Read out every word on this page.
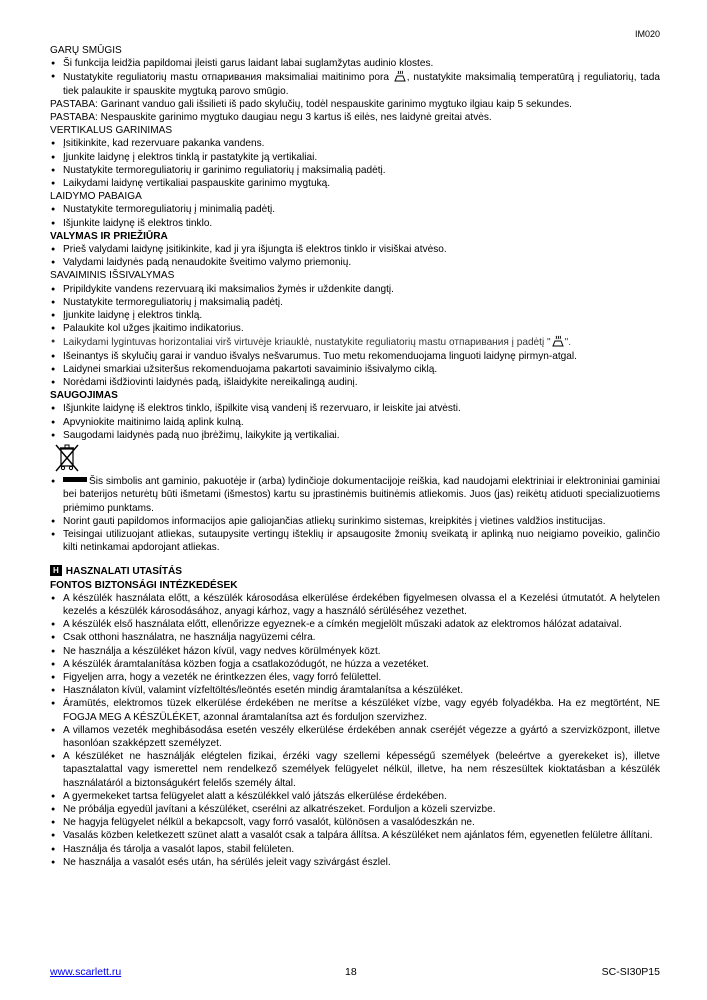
IM020
GARŲ SMŪGIS
● Ši funkcija leidžia papildomai įleisti garus laidant labai suglamžytas audinio klostes.
● Nustatykite reguliatorių mastu отпаривания maksimaliai maitinimo pora , nustatykite maksimalią temperatūrą į reguliatorių, tada tiek palaukite ir spauskite mygtuką parovo smūgio.
PASTABA: Garinant vanduo gali išsilieti iš pado skylučių, todėl nespauskite garinimo mygtuko ilgiau kaip 5 sekundes.
PASTABA: Nespauskite garinimo mygtuko daugiau negu 3 kartus iš eilės, nes laidynė greitai atvės.
VERTIKALUS GARINIMAS
● Įsitikinkite, kad rezervuare pakanka vandens.
● Įjunkite laidynę į elektros tinklą ir pastatykite ją vertikaliai.
● Nustatykite termoreguliatorių ir garinimo reguliatorių į maksimalią padėtį.
● Laikydami laidynę vertikaliai paspauskite garinimo mygtuką.
LAIDYMO PABAIGA
● Nustatykite termoreguliatorių į minimalią padėtį.
● Išjunkite laidynę iš elektros tinklo.
VALYMAS IR PRIEŽIŪRA
● Prieš valydami laidynę įsitikinkite, kad ji yra išjungta iš elektros tinklo ir visiškai atvėso.
● Valydami laidynės padą nenaudokite šveitimo valymo priemonių.
SAVAIMINIS IŠSIVALYMAS
● Pripildykite vandens rezervuarą iki maksimalios žymės ir uždenkite dangtį.
● Nustatykite termoreguliatorių į maksimalią padėtį.
● Įjunkite laidynę į elektros tinklą.
● Palaukite kol užges įkaitimo indikatorius.
● Laikydami lygintuvas horizontaliai virš virtuvėje kriauklė, nustatykite reguliatorių mastu отпаривания į padėtį " ".
● Išeinantys iš skylučių garai ir vanduo išvalys nešvarumus. Tuo metu rekomenduojama linguoti laidynę pirmyn-atgal.
● Laidynei smarkiai užsiteršus rekomenduojama pakartoti savaiminio išsivalymo ciklą.
● Norėdami išdžiovinti laidynės padą, išlaidykite nereikalingą audinį.
SAUGOJIMAS
● Išjunkite laidynę iš elektros tinklo, išpilkite visą vandenį iš rezervuaro, ir leiskite jai atvėsti.
● Apvyniokite maitinimo laidą aplink kulną.
● Saugodami laidynės padą nuo įbrėžimų, laikykite ją vertikaliai.
● Šis simbolis ant gaminio, pakuotėje ir (arba) lydinčioje dokumentacijoje reiškia, kad naudojami elektriniai ir elektroniniai gaminiai bei baterijos neturėtų būti išmetami (išmestos) kartu su įprastinėmis buitinėmis atliekomis. Juos (jas) reikėtų atiduoti specializuotiems priėmimo punktams.
● Norint gauti papildomos informacijos apie galiojančias atliekų surinkimo sistemas, kreipkitės į vietines valdžios institucijas.
● Teisingai utilizuojant atliekas, sutaupysite vertingų išteklių ir apsaugosite žmonių sveikatą ir aplinką nuo neigiamo poveikio, galinčio kilti netinkamai apdorojant atliekas.
H HASZNALATI UTASÍTÁS
FONTOS BIZTONSÁGI INTÉZKEDÉSEK
● A készülék használata előtt, a készülék károsodása elkerülése érdekében figyelmesen olvassa el a Kezelési útmutatót. A helytelen kezelés a készülék károsodásához, anyagi kárhoz, vagy a használó sérüléséhez vezethet.
● A készülék első használata előtt, ellenőrizze egyeznek-e a címkén megjelölt műszaki adatok az elektromos hálózat adataival.
● Csak otthoni használatra, ne használja nagyüzemi célra.
● Ne használja a készüléket házon kívül, vagy nedves körülmények közt.
● A készülék áramtalanítása közben fogja a csatlakozódugót, ne húzza a vezetéket.
● Figyeljen arra, hogy a vezeték ne érintkezzen éles, vagy forró felülettel.
● Használaton kívül, valamint vízfeltöltés/leöntés esetén mindig áramtalanítsa a készüléket.
● Áramütés, elektromos tüzek elkerülése érdekében ne merítse a készüléket vízbe, vagy egyéb folyadékba. Ha ez megtörtént, NE FOGJA MEG A KÉSZÜLÉKET, azonnal áramtalanítsa azt és forduljon szervizhez.
● A villamos vezeték meghibásodása esetén veszély elkerülése érdekében annak cseréjét végezze a gyártó a szervizközpont, illetve hasonlóan szakképzett személyzet.
● A készüléket ne használják elégtelen fizikai, érzéki vagy szellemi képességű személyek (beleértve a gyerekeket is), illetve tapasztalattal vagy ismerettel nem rendelkező személyek felügyelet nélkül, illetve, ha nem részesültek kioktatásban a készülék használatáról a biztonságukért felelős személy által.
● A gyermekeket tartsa felügyelet alatt a készülékkel való játszás elkerülése érdekében.
● Ne próbálja egyedül javítani a készüléket, cserélni az alkatrészeket. Forduljon a közeli szervizbe.
● Ne hagyja felügyelet nélkül a bekapcsolt, vagy forró vasalót, különösen a vasalódeszkán ne.
● Vasalás közben keletkezett szünet alatt a vasalót csak a talpára állítsa. A készüléket nem ajánlatos fém, egyenetlen felületre állítani.
● Használja és tárolja a vasalót lapos, stabil felületen.
● Ne használja a vasalót esés után, ha sérülés jeleit vagy szivárgást észlel.
www.scarlett.ru	18	SC-SI30P15
